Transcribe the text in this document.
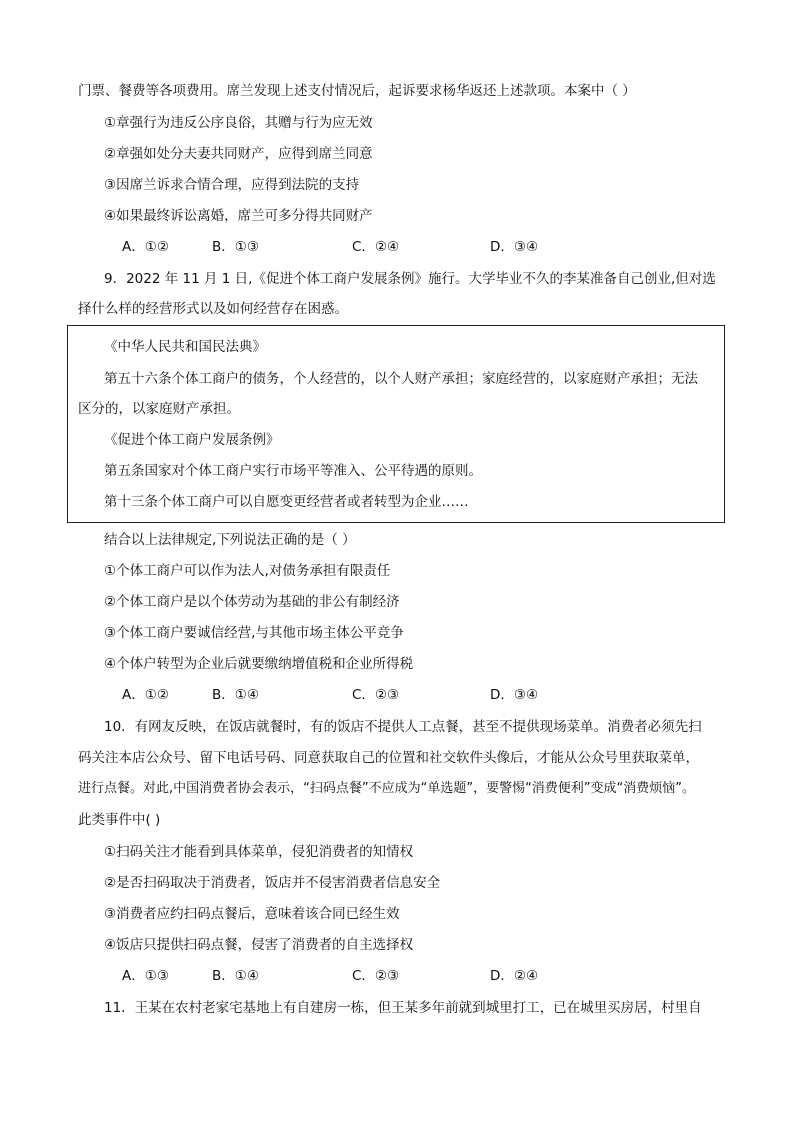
门票、餐费等各项费用。席兰发现上述支付情况后，起诉要求杨华返还上述款项。本案中（ ）
①章强行为违反公序良俗，其赠与行为应无效
②章强如处分夫妻共同财产，应得到席兰同意
③因席兰诉求合情合理，应得到法院的支持
④如果最终诉讼离婚，席兰可多分得共同财产
A．①②	B．①③	C．②④	D．③④
9．2022 年 11 月 1 日,《促进个体工商户发展条例》施行。大学毕业不久的李某准备自己创业,但对选
择什么样的经营形式以及如何经营存在困惑。
《中华人民共和国民法典》
第五十六条个体工商户的债务，个人经营的，以个人财产承担；家庭经营的，以家庭财产承担；无法
区分的，以家庭财产承担。
《促进个体工商户发展条例》
第五条国家对个体工商户实行市场平等准入、公平待遇的原则。
第十三条个体工商户可以自愿变更经营者或者转型为企业……
结合以上法律规定,下列说法正确的是（ ）
①个体工商户可以作为法人,对债务承担有限责任
②个体工商户是以个体劳动为基础的非公有制经济
③个体工商户要诚信经营,与其他市场主体公平竞争
④个体户转型为企业后就要缴纳增值税和企业所得税
A．①②	B．①④	C．②③	D．③④
10．有网友反映，在饭店就餐时，有的饭店不提供人工点餐，甚至不提供现场菜单。消费者必须先扫
码关注本店公众号、留下电话号码、同意获取自己的位置和社交软件头像后，才能从公众号里获取菜单，
进行点餐。对此,中国消费者协会表示，“扫码点餐”不应成为“单选题”，要警惕“消费便利”变成“消费烦恼”。
此类事件中( )
①扫码关注才能看到具体菜单，侵犯消费者的知情权
②是否扫码取决于消费者，饭店并不侵害消费者信息安全
③消费者应约扫码点餐后，意味着该合同已经生效
④饭店只提供扫码点餐，侵害了消费者的自主选择权
A．①③	B．①④	C．②③	D．②④
11．王某在农村老家宅基地上有自建房一栋，但王某多年前就到城里打工，已在城里买房居，村里自
